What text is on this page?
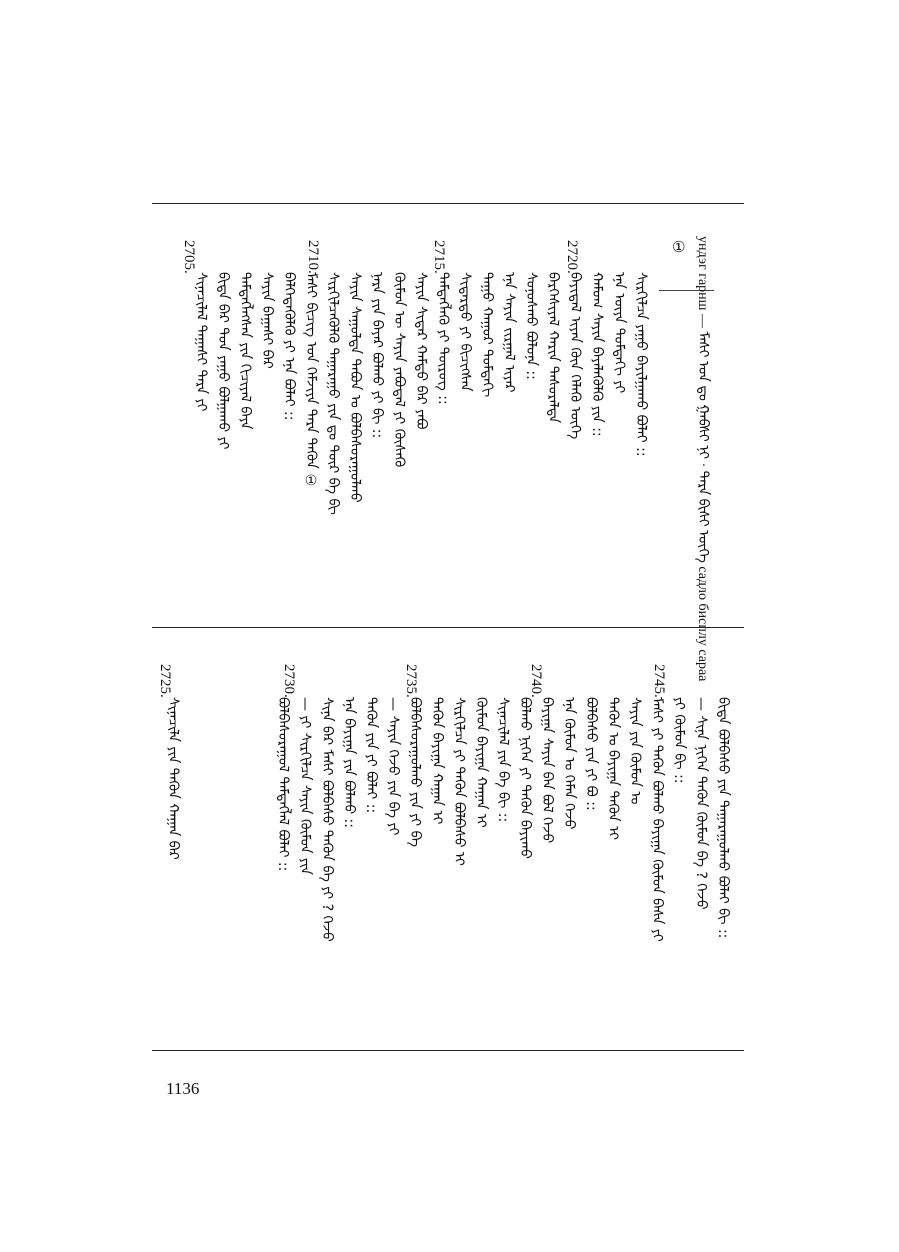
ундэг гарнш — ᠮᠠᠰᠢ ᠤᠨ ᠳᠤ ᠭᠠᠪᠰᠢ ᠨᠢ · ᠲᠡᠷᠡ ᠪᠢᠰᠢ ᠦᠭᠡ садло бисплу сараа
①
ᠰᠢᠷᠭᠢᠯᠴᠡ ᠶᠠᠭᠤ ᠪᠠᠶᠢᠯᠭᠠᠬᠤ ᠪᠣᠯᠠᠢ ::
ᠡᠨᠡ ᠦᠶᠡ ᠳᠤᠮᠳᠠᠬᠢ ᠶᠢ
ᠬᠠᠮᠤᠭ ᠰᠠᠶᠢᠨ ᠪᠡᠶᠡᠯᠡᠭᠦᠯᠬᠦ ᠶᠢᠨ ::
ᠪᠠᠶᠢᠳᠠᠯ ᠢᠶᠡᠨ ᠬᠦᠨ ᠬᠡᠯᠡᠬᠦ ᠦᠭᠡ
ᠪᠡᠷᠬᠡᠰᠢᠶᠡᠯ ᠬᠠᠷᠢᠨ ᠲᠠᠰᠤᠷᠠᠯᠲᠠ
ᠰᠣᠨᠣᠰᠬᠤ ᠪᠣᠯᠤᠨᠠ ::
ᠡᠨᠡ ᠰᠠᠶᠢᠨ ᠵᠢᠷᠭᠠᠯ ᠢᠶᠠᠷ
ᠳᠠᠭᠤ ᠬᠠᠭᠤᠷ ᠳᠤᠮᠳᠠᠬᠢ
ᠰᠢᠳᠠᠷᠳᠤ ᠶᠢ ᠪᠢᠴᠢᠭᠰᠡᠨ
ᠲᠡᠮᠳᠡᠭᠯᠡᠬᠦ ᠶᠢ ᠲᠦᠷᠦᠭ ::
ᠰᠠᠶᠢᠨ ᠰᠢᠳᠠᠷ ᠬᠠᠮᠲᠤ ᠪᠠᠷ ᠶᠠᠪᠤ
ᠬᠦᠮᠦᠨ ᠦ ᠰᠠᠶᠢᠨ ᠶᠠᠪᠤᠳᠠᠯ ᠶᠢ ᠬᠦᠰᠡᠬᠦ
ᠨᠡᠷᠡ ᠶᠢᠨ ᠪᠠᠶᠠᠷ ᠪᠣᠯᠬᠤ ᠶᠢ ᠪᠢ ::
ᠰᠠᠶᠢᠨ ᠰᠠᠭᠤᠯᠲᠠ ᠲᠠᠪᠤᠨ ᠤ ᠪᠣᠯᠪᠠᠰᠤᠷᠠᠭᠤᠯᠬᠤ
ᠰᠢᠷᠭᠢᠯᠴᠡᠭᠦᠯᠬᠦ ᠲᠠᠭᠠᠷᠠᠭᠤ ᠶᠢᠨ ᠳᠤ ᠳᠦᠷ ᠪᠠ ᠪᠢ
ᠮᠠᠰᠢ ᠪᠢᠴᠢᠭ ᠤᠨ ᠬᠡᠮᠵᠢᠶᠡ ᠲᠡᠷᠡ ᠲᠡᠭᠦᠨ ①
ᠪᠡᠯᠭᠡᠳᠡᠭᠦᠯᠬᠦ ᠶᠢ ᠡᠨᠡ ᠪᠣᠯᠠᠢ ::
ᠰᠠᠶᠢᠨ ᠪᠠᠭᠠᠰᠢ ᠪᠡᠷ
ᠲᠡᠮᠳᠡᠭᠯᠡᠭᠰᠡᠨ ᠶᠢᠨ ᠬᠢᠴᠢᠶᠡᠯ ᠪᠡᠶᠡ
ᠪᠢᠳᠡ ᠪᠠᠷ ᠳᠤᠨ ᠶᠠᠭᠤ ᠪᠣᠯᠭᠠᠬᠤ ᠶᠢ
ᠰᠢᠨᠡᠴᠢᠯᠡᠯ ᠲᠠᠭᠠᠰᠢ ᠲᠡᠷᠡ ᠶᠢ
2720.
2715.
2710.
2705.
ᠪᠢᠳᠡ ᠪᠣᠯᠪᠠᠰᠤ ᠶᠢᠨ ᠲᠠᠭᠠᠷᠠᠭᠤᠯᠬᠤ ᠪᠣᠯᠠᠢ ᠪᠢ ::
— ᠰᠢᠨᠡ ᠨᠢᠭᠡᠨ ᠲᠡᠭᠦᠨ ᠬᠦᠮᠦᠨ ᠪᠠ ? ᠭᠡᠵᠦ
ᠶᠢ ᠬᠦᠮᠦᠨ ᠪᠢ ::
ᠮᠠᠰᠢ ᠶᠢ ᠲᠡᠭᠦᠨ ᠪᠣᠯᠬᠤ ᠪᠠᠶᠢᠭᠠ ᠬᠦᠮᠦᠨ ᠪᠠᠰᠠ ᠶᠢ
ᠰᠠᠶᠢᠨ ᠶᠢᠨ ᠬᠦᠮᠦᠨ ᠤ
ᠲᠡᠭᠦᠨ ᠤ ᠪᠠᠶᠢᠭᠠ ᠲᠡᠭᠦᠨ ᠢ
ᠪᠣᠯᠪᠠᠰᠤ ᠶᠢᠨ ᠶᠢ ᠪᠤ ::
ᠡᠨᠡ ᠬᠦᠮᠦᠨ ᠤ ᠬᠡᠮᠡᠨ ᠭᠡᠵᠦ
ᠪᠠᠶᠢᠭᠠ ᠰᠠᠶᠢᠨ ᠪᠠᠨ ᠪᠣᠯ ᠭᠡᠵᠦ
ᠪᠣᠯᠬᠤ ᠨᠢᠭᠡᠨ ᠶᠢ ᠲᠡᠭᠦᠨ ᠪᠠᠶᠢᠬᠤ
ᠰᠢᠨᠡᠴᠢᠯᠡᠯ ᠶᠢᠨ ᠪᠠ ᠪᠢ ::
ᠬᠦᠮᠦᠨ ᠪᠠᠶᠢᠭᠠ ᠬᠠᠭᠠᠨ ᠢ
ᠰᠢᠷᠭᠢᠯᠴᠡ ᠶᠢ ᠲᠡᠭᠦᠨ ᠪᠣᠯᠪᠠᠰᠤ ᠢ
ᠲᠡᠭᠦᠨ ᠪᠠᠶᠢᠭᠠ ᠬᠠᠭᠠᠨ ᠢ
ᠪᠣᠯᠪᠠᠰᠤᠷᠠᠭᠤᠯᠬᠤ ᠶᠢᠨ ᠶᠢ ᠪᠠ
— ᠰᠠᠶᠢᠨ ᠭᠡᠵᠦ ᠶᠢᠨ ᠪᠠ ᠶᠢ
ᠲᠡᠭᠦᠨ ᠶᠢᠨ ᠶᠢ ᠪᠣᠯᠠᠢ ::
ᠡᠨᠡ ᠪᠠᠶᠢᠭᠠ ᠶᠢᠨ ᠪᠣᠯᠬᠤ ::
ᠰᠢᠨᠡ ᠪᠠᠷ ᠮᠠᠰᠢ ᠪᠣᠯᠪᠠᠰᠤ ᠲᠡᠭᠦᠨ ᠪᠠ ᠶᠢ ? ᠭᠡᠵᠦ
— ᠶᠢ ᠰᠢᠷᠭᠢᠯᠴᠡ ᠰᠠᠶᠢᠨ ᠬᠦᠮᠦᠨ ᠶᠢᠨ
ᠪᠣᠯᠪᠠᠰᠤᠷᠠᠭᠤᠯ ᠲᠡᠮᠳᠡᠭᠯᠡᠯ ᠪᠣᠯᠠᠢ ::
ᠰᠢᠨᠡᠴᠢᠯᠡ ᠶᠢᠨ ᠲᠡᠭᠦᠨ ᠬᠠᠭᠠᠨ ᠪᠠᠷ
2745.
2740.
2735.
2730.
2725.
1136
